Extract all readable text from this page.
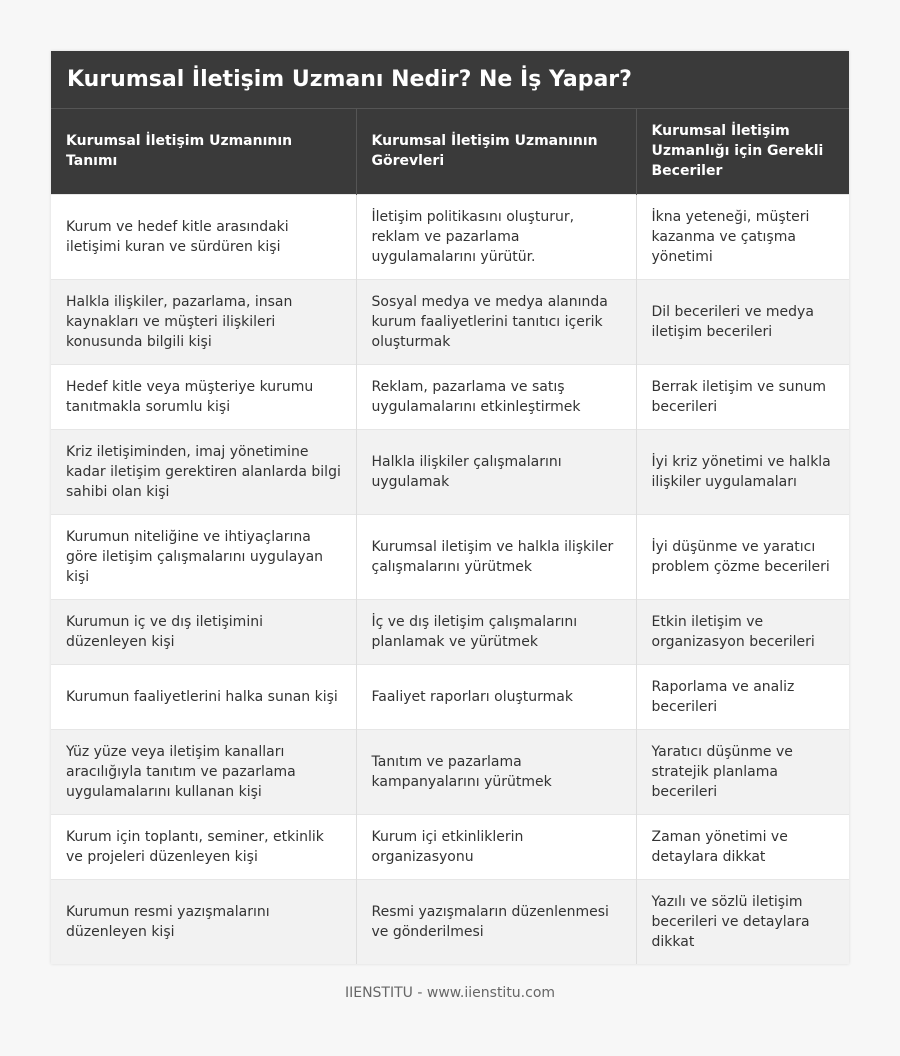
Kurumsal İletişim Uzmanı Nedir? Ne İş Yapar?
Kurumsal İletişim Uzmanının Tanımı	Kurumsal İletişim Uzmanının Görevleri	Kurumsal İletişim Uzmanlığı için Gerekli Beceriler
Kurum ve hedef kitle arasındaki iletişimi kuran ve sürdüren kişi	İletişim politikasını oluşturur, reklam ve pazarlama uygulamalarını yürütür.	İkna yeteneği, müşteri kazanma ve çatışma yönetimi
Halkla ilişkiler, pazarlama, insan kaynakları ve müşteri ilişkileri konusunda bilgili kişi	Sosyal medya ve medya alanında kurum faaliyetlerini tanıtıcı içerik oluşturmak	Dil becerileri ve medya iletişim becerileri
Hedef kitle veya müşteriye kurumu tanıtmakla sorumlu kişi	Reklam, pazarlama ve satış uygulamalarını etkinleştirmek	Berrak iletişim ve sunum becerileri
Kriz iletişiminden, imaj yönetimine kadar iletişim gerektiren alanlarda bilgi sahibi olan kişi	Halkla ilişkiler çalışmalarını uygulamak	İyi kriz yönetimi ve halkla ilişkiler uygulamaları
Kurumun niteliğine ve ihtiyaçlarına göre iletişim çalışmalarını uygulayan kişi	Kurumsal iletişim ve halkla ilişkiler çalışmalarını yürütmek	İyi düşünme ve yaratıcı problem çözme becerileri
Kurumun iç ve dış iletişimini düzenleyen kişi	İç ve dış iletişim çalışmalarını planlamak ve yürütmek	Etkin iletişim ve organizasyon becerileri
Kurumun faaliyetlerini halka sunan kişi	Faaliyet raporları oluşturmak	Raporlama ve analiz becerileri
Yüz yüze veya iletişim kanalları aracılığıyla tanıtım ve pazarlama uygulamalarını kullanan kişi	Tanıtım ve pazarlama kampanyalarını yürütmek	Yaratıcı düşünme ve stratejik planlama becerileri
Kurum için toplantı, seminer, etkinlik ve projeleri düzenleyen kişi	Kurum içi etkinliklerin organizasyonu	Zaman yönetimi ve detaylara dikkat
Kurumun resmi yazışmalarını düzenleyen kişi	Resmi yazışmaların düzenlenmesi ve gönderilmesi	Yazılı ve sözlü iletişim becerileri ve detaylara dikkat
IIENSTITU - www.iienstitu.com
